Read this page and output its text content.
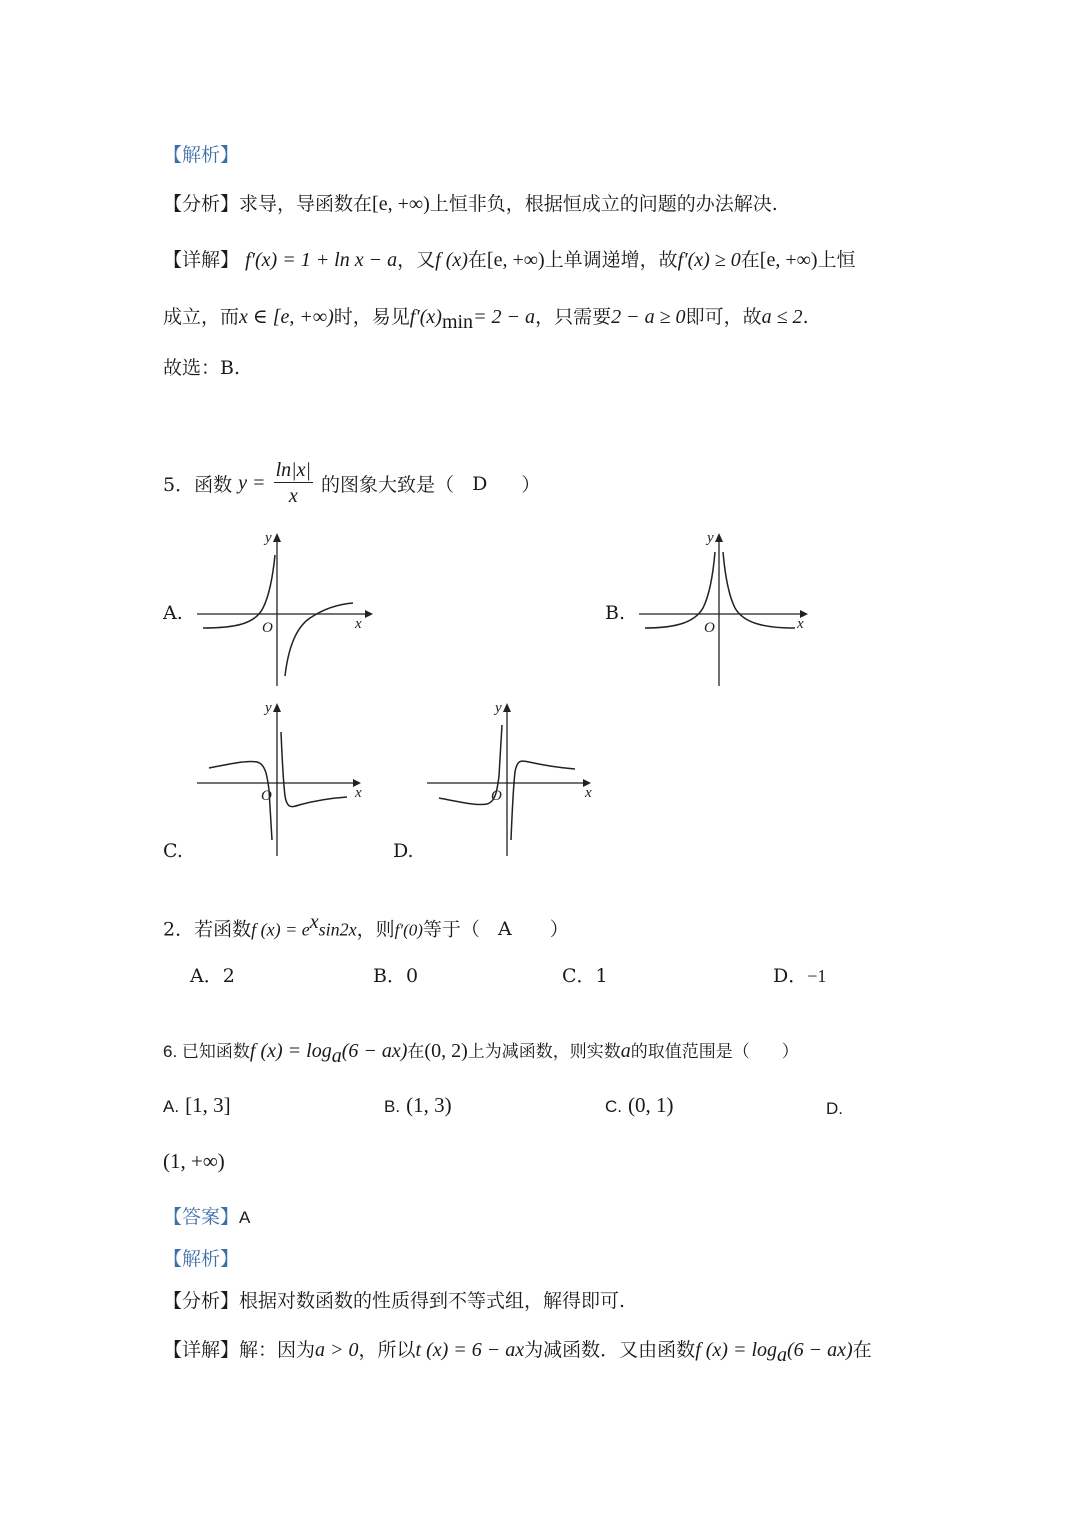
【解析】
【分析】求导，导函数在[e, +∞)上恒非负，根据恒成立的问题的办法解决.
【详解】 f′(x) = 1 + ln x − a，又f (x)在[e, +∞)上单调递增，故f′(x) ≥ 0在[e, +∞)上恒
成立，而x ∈ [e, +∞)时，易见$f'(x)_{min}= 2 - a$，只需要2 − a ≥ 0即可，故a ≤ 2.
故选：B.
5．函数 $y = \frac{\ln|x|}{x}$ 的图象大致是（ D ）
A.	B.
C.	D.
y
x
O
y
x
O
y
x
O
y
x
O
2．若函数f $(x) = e^x\sin 2x$，则f′(0)等于（ A ）
A．2	B．0	C．1	D．−1
6. 已知函数f $(x) = \log_a(6 - ax)$在(0, 2)上为减函数，则实数a的取值范围是（ ）
A. [1, 3]	B. (1, 3)	C. (0, 1)	D.
(1, +∞)
【答案】A
【解析】
【分析】根据对数函数的性质得到不等式组，解得即可.
【详解】解：因为a > 0，所以t (x) = 6 − ax为减函数．又由函数f $(x) = \log_a(6 - ax)$在
